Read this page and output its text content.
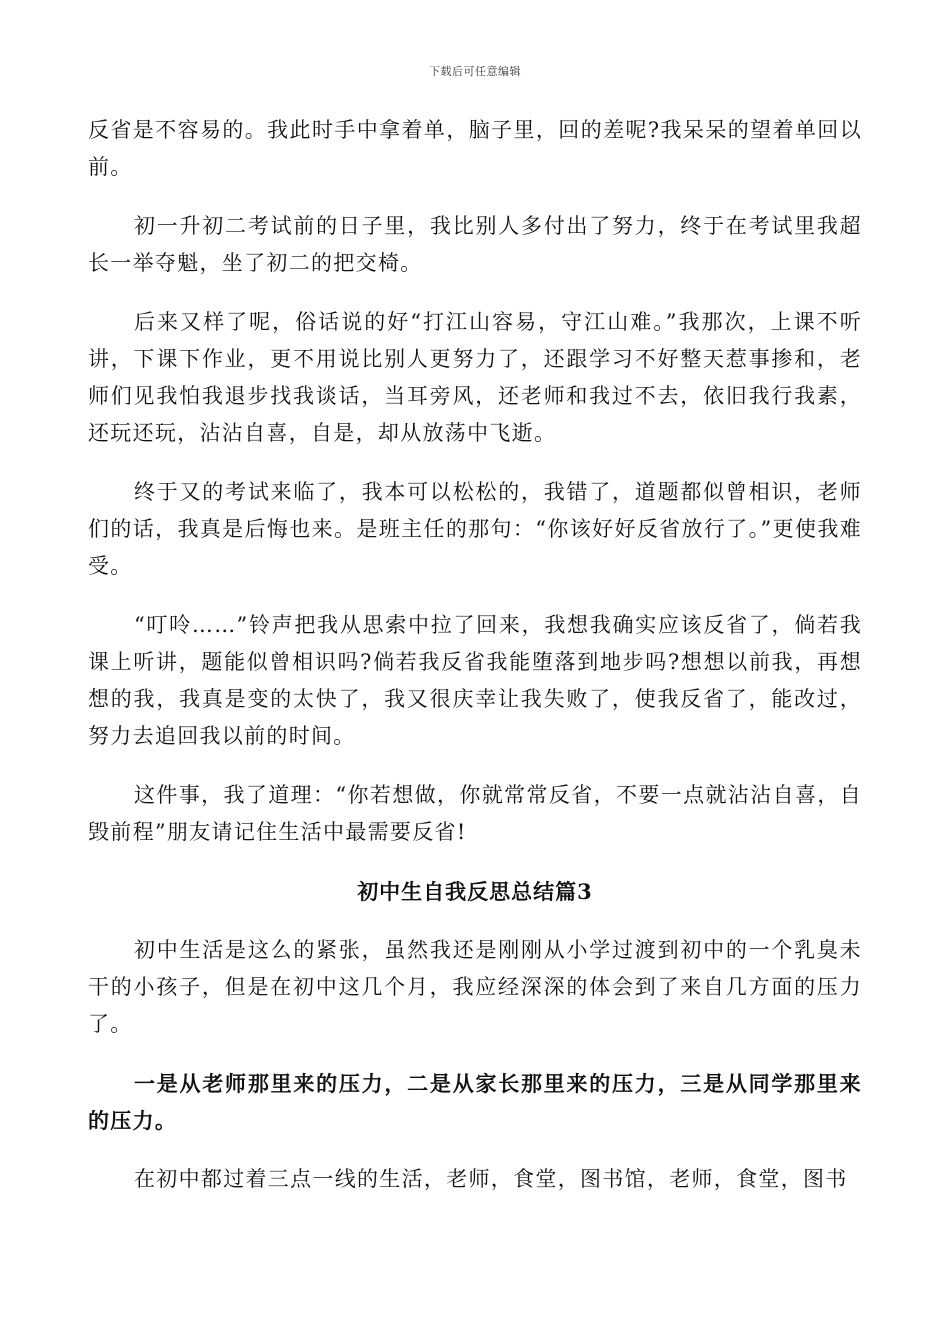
下载后可任意编辑

反省是不容易的。我此时手中拿着单，脑子里，回的差呢?我呆呆的望着单回以前。

初一升初二考试前的日子里，我比别人多付出了努力，终于在考试里我超长一举夺魁，坐了初二的把交椅。

后来又样了呢，俗话说的好“打江山容易，守江山难。”我那次，上课不听讲，下课下作业，更不用说比别人更努力了，还跟学习不好整天惹事掺和，老师们见我怕我退步找我谈话，当耳旁风，还老师和我过不去，依旧我行我素，还玩还玩，沾沾自喜，自是，却从放荡中飞逝。

终于又的考试来临了，我本可以松松的，我错了，道题都似曾相识，老师们的话，我真是后悔也来。是班主任的那句：“你该好好反省放行了。”更使我难受。

“叮呤……”铃声把我从思索中拉了回来，我想我确实应该反省了，倘若我课上听讲，题能似曾相识吗?倘若我反省我能堕落到地步吗?想想以前我，再想想的我，我真是变的太快了，我又很庆幸让我失败了，使我反省了，能改过，努力去追回我以前的时间。

这件事，我了道理：“你若想做，你就常常反省，不要一点就沾沾自喜，自毁前程”朋友请记住生活中最需要反省!

初中生自我反思总结篇3

初中生活是这么的紧张，虽然我还是刚刚从小学过渡到初中的一个乳臭未干的小孩子，但是在初中这几个月，我应经深深的体会到了来自几方面的压力了。

一是从老师那里来的压力，二是从家长那里来的压力，三是从同学那里来的压力。

在初中都过着三点一线的生活，老师，食堂，图书馆，老师，食堂，图书
